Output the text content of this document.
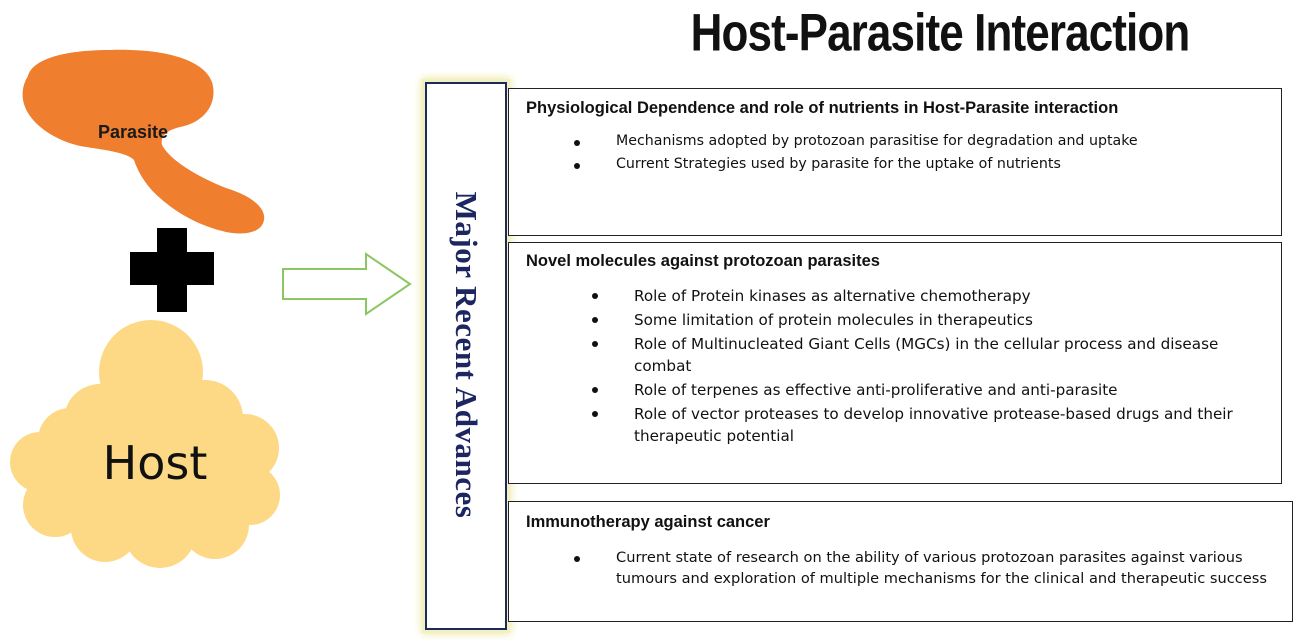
Host-Parasite Interaction
Parasite
Host	Major Recent Advances

Physiological Dependence and role of nutrients in Host-Parasite interaction

Mechanisms adopted by protozoan parasitise for degradation and uptake
Current Strategies used by parasite for the uptake of nutrients

Novel molecules against protozoan parasites

Role of Protein kinases as alternative chemotherapy
Some limitation of protein molecules in therapeutics
Role of Multinucleated Giant Cells (MGCs) in the cellular process and disease combat
Role of terpenes as effective anti-proliferative and anti-parasite
Role of vector proteases to develop innovative protease-based drugs and their therapeutic potential

Immunotherapy against cancer

Current state of research on the ability of various protozoan parasites against various tumours and exploration of multiple mechanisms for the clinical and therapeutic success
